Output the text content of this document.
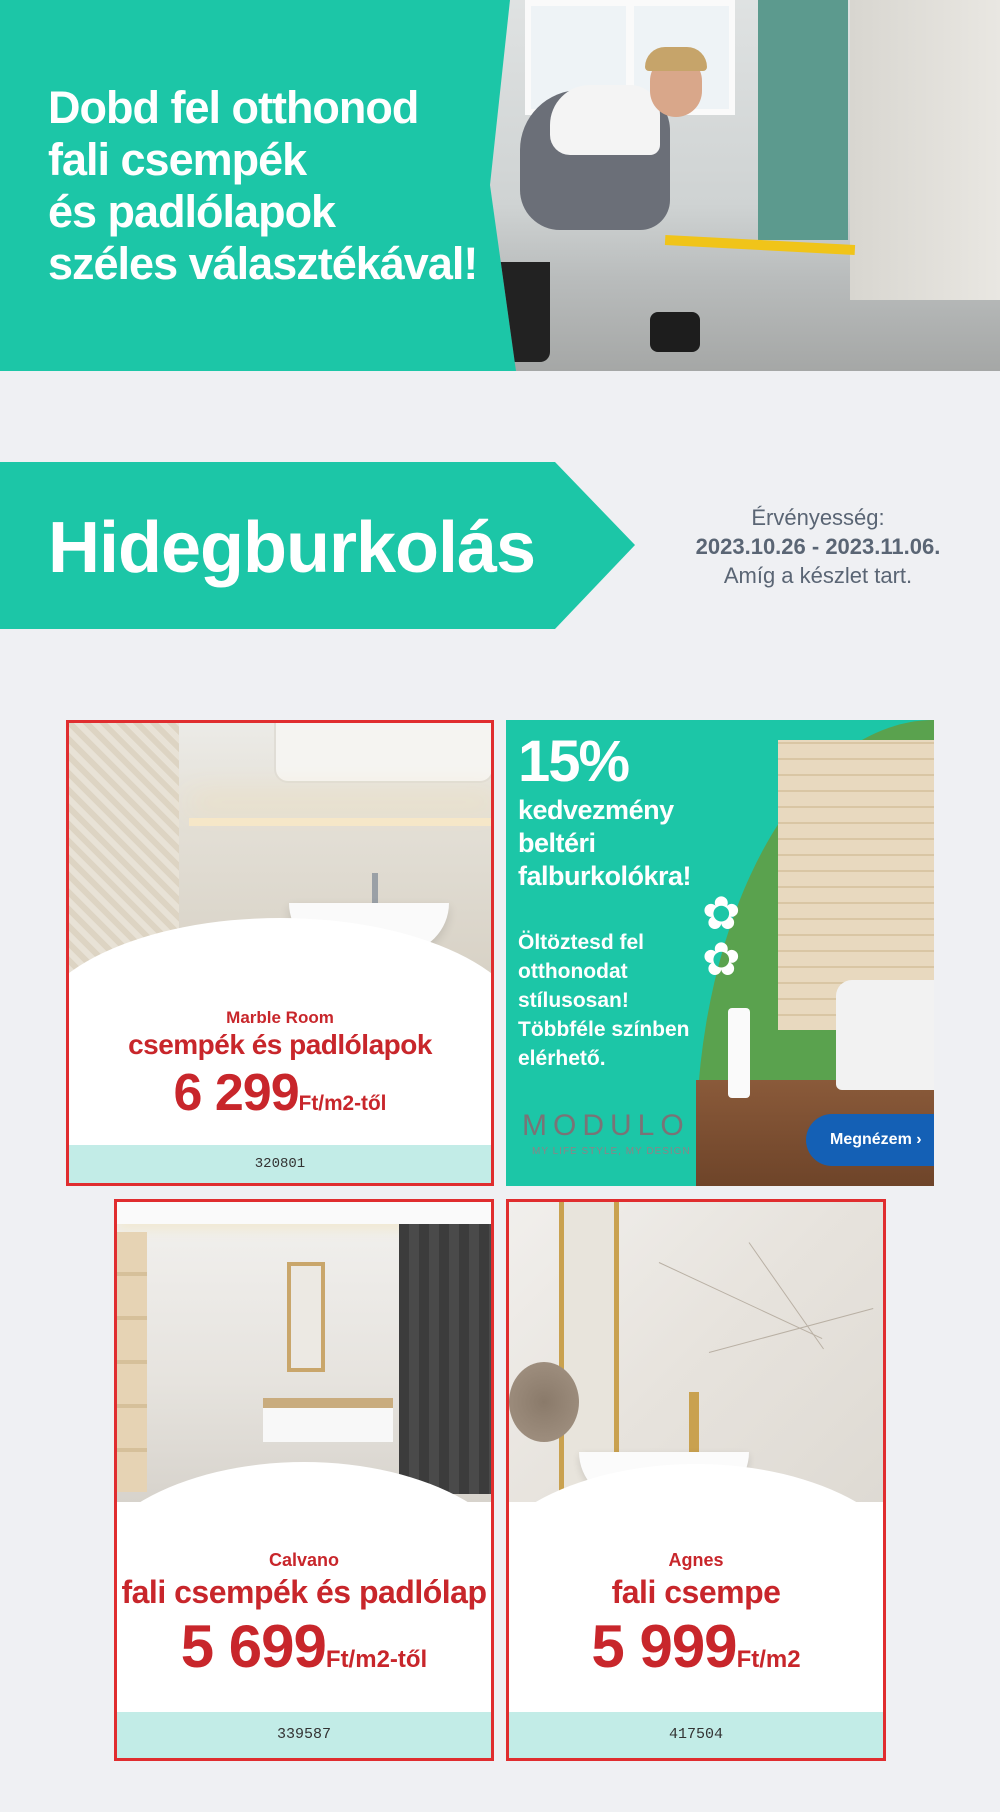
Dobd fel otthonod
fali csempék
és padlólapok
széles választékával!
Hidegburkolás	Érvényesség:
2023.10.26 - 2023.11.06.
Amíg a készlet tart.
Marble Room
csempék és padlólapok
6 299Ft/m2-től
320801
✿
✿
15%
kedvezmény beltéri falburkolókra!
Öltöztesd fel otthonodat stílusosan! Többféle színben elérhető.
MODULO
MY LIFE STYLE, MY DESIGN
Megnézem ›
Calvano
fali csempék és padlólap
5 699Ft/m2-től
339587
Agnes
fali csempe
5 999Ft/m2
417504
